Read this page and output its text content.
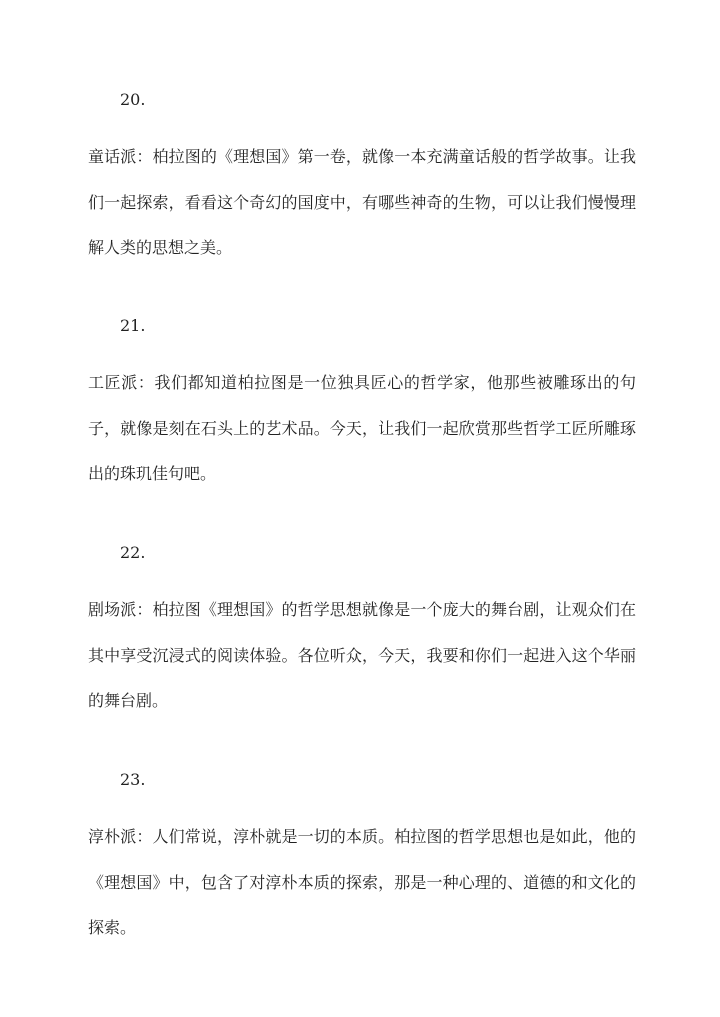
20.

童话派：柏拉图的《理想国》第一卷，就像一本充满童话般的哲学故事。让我们一起探索，看看这个奇幻的国度中，有哪些神奇的生物，可以让我们慢慢理解人类的思想之美。

21.

工匠派：我们都知道柏拉图是一位独具匠心的哲学家，他那些被雕琢出的句子，就像是刻在石头上的艺术品。今天，让我们一起欣赏那些哲学工匠所雕琢出的珠玑佳句吧。

22.

剧场派：柏拉图《理想国》的哲学思想就像是一个庞大的舞台剧，让观众们在其中享受沉浸式的阅读体验。各位听众，今天，我要和你们一起进入这个华丽的舞台剧。

23.

淳朴派：人们常说，淳朴就是一切的本质。柏拉图的哲学思想也是如此，他的《理想国》中，包含了对淳朴本质的探索，那是一种心理的、道德的和文化的探索。
